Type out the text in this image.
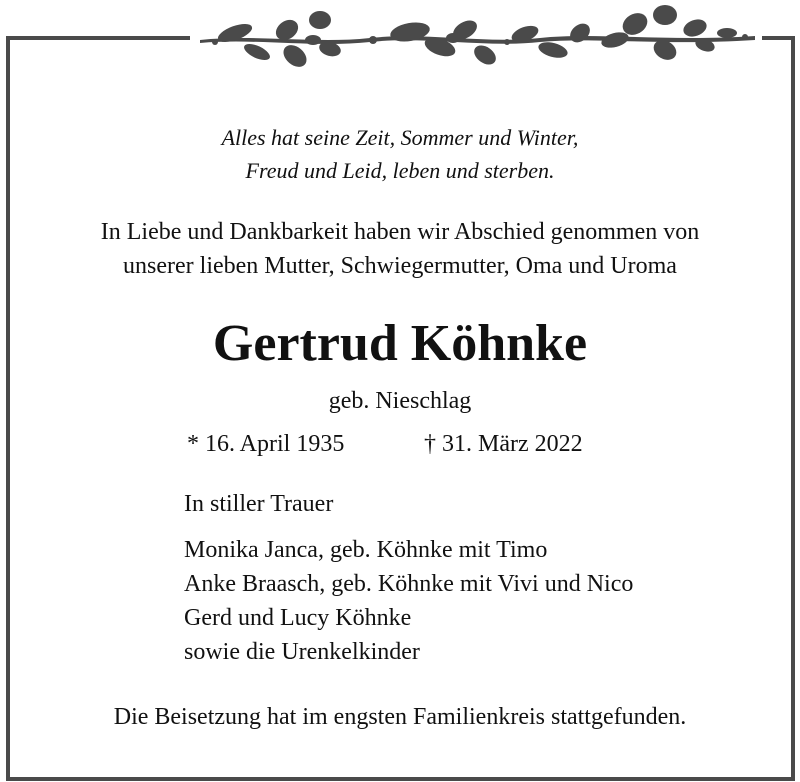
Alles hat seine Zeit, Sommer und Winter,
Freud und Leid, leben und sterben.
In Liebe und Dankbarkeit haben wir Abschied genommen von
unserer lieben Mutter, Schwiegermutter, Oma und Uroma
Gertrud Köhnke
geb. Nieschlag
* 16. April 1935	† 31. März 2022
In stiller Trauer
Monika Janca, geb. Köhnke mit Timo
Anke Braasch, geb. Köhnke mit Vivi und Nico
Gerd und Lucy Köhnke
sowie die Urenkelkinder
Die Beisetzung hat im engsten Familienkreis stattgefunden.
